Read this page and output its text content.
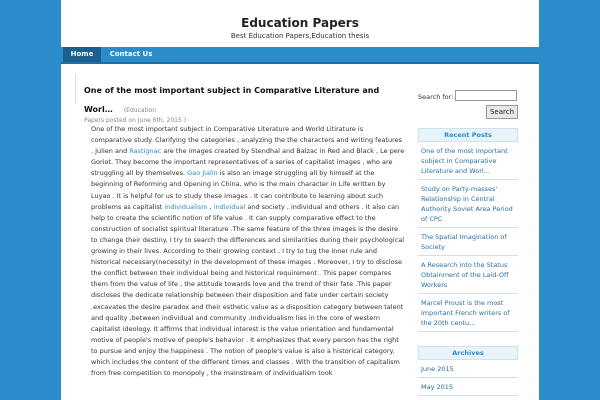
Education Papers
Best Education Papers,Education thesis
Home	Contact Us
One of the most important subject in Comparative Literature and Worl… (Education
Papers posted on June 6th, 2015 )
One of the most important subject in Comparative Literature and World Litirature is comparative study. Clarifying the categories , analyzing the the characters and writing features . Julien and Rastignac are the images created by Stendhal and Balzac in Red and Black , Le pere Goriot. They become the important representatives of a series of capitalist images , who are struggling all by themselves. Gao Jialin is also an image struggling all by himself at the beginning of Reforming and Opening in China, who is the main character in Life written by Luyao . It is helpful for us to study these images . It can contribute to learning about such problems as capitalist individualism , individual and society , individual and others . It also can help to create the scientific notion of life value . It can supply comparative effect to the construction of socialist spiritual literature .The same feature of the three images is the desire to change their destiny. I try to search the differences and similarities during their psychological growing in their lives. According to their growing context , I try to tug the inner rule and historical necessary(necessity) in the development of these images . Moreover, I try to disclose the conflict between their individual being and historical requirement . This paper compares them from the value of life , the attitude towards love and the trend of their fate .This paper discloses the dedicate relationship between their disposition and fate under certain society .excavates the desire paradox and their esthetic value as a disposition category between talent and quality ,between individual and community .Individualism lies in the core of western capitalist ideology. It affirms that individual interest is the value orientation and fundamental motive of people's motive of people's behavior . It emphasizes that every person has the right to pursue and enjoy the happiness . The notion of people's value is also a historical category. which includes the content of the different times and classes . With the transition of capitalism from free competition to monopoly , the mainstream of individualism took
Search for:
Search
Recent Posts
One of the most important subject in Comparative Literature and Worl…
Study on Party-masses' Relationship in Central Authority Soviet Area Period of CPC
The Spatial Imagination of Society
A Research into the Status Obtainment of the Laid-Off Workers
Marcel Proust is the most important French writers of the 20th centu…
Archives
June 2015
May 2015
